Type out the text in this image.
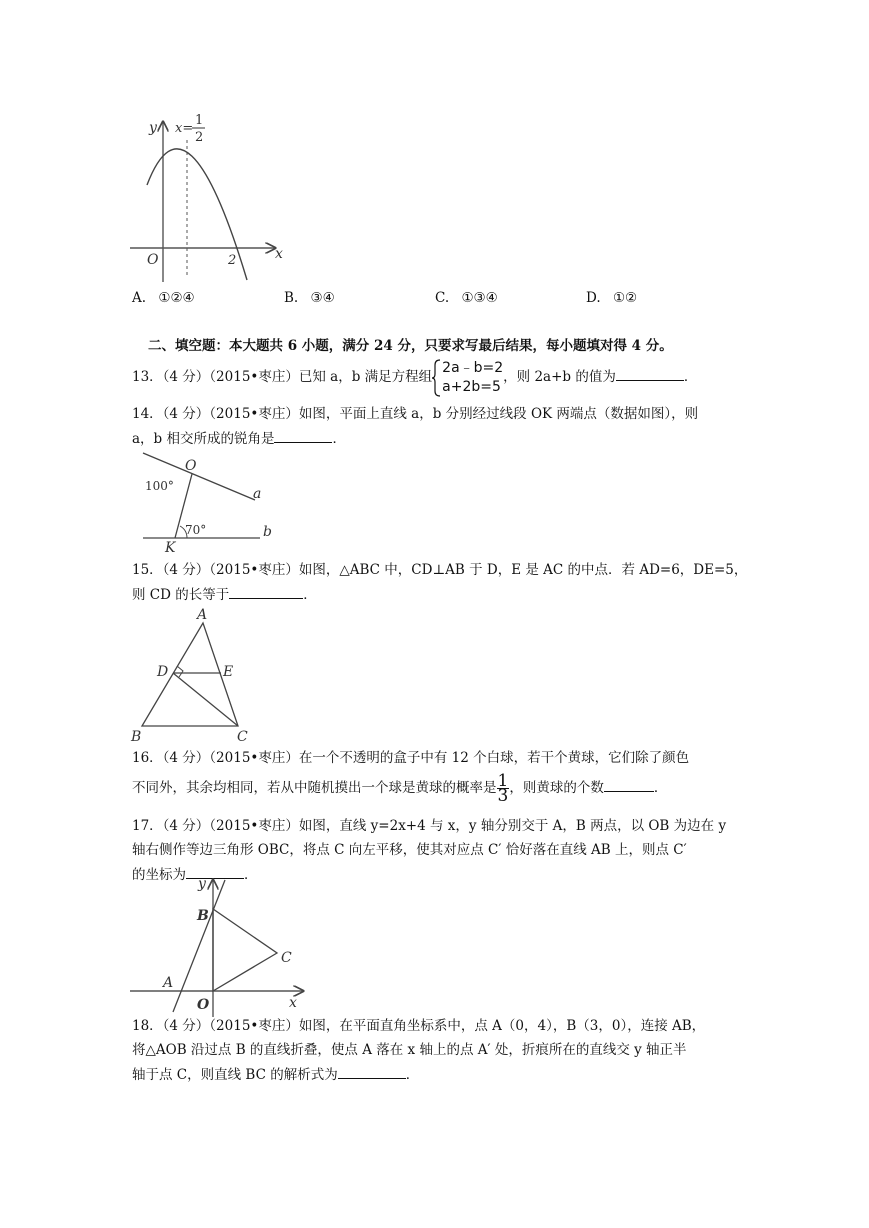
y
x
O	2
x=
1
2
A. ①②④	B. ③④	C. ①③④	D. ①②
二、填空题：本大题共 6 小题，满分 24 分，只要求写最后结果，每小题填对得 4 分。
13．（4 分）（2015•枣庄）已知 a，b 满足方程组
2a﹣b=2
a+2b=5
，则 2a+b 的值为	．
14．（4 分）（2015•枣庄）如图，平面上直线 a，b 分别经过线段 OK 两端点（数据如图），则
a，b 相交所成的锐角是	．
O
K
a
b
100°
70°
15．（4 分）（2015•枣庄）如图，△ABC 中，CD⊥AB 于 D，E 是 AC 的中点．若 AD=6，DE=5，
则 CD 的长等于	．
A
B	C
D	E
16．（4 分）（2015•枣庄）在一个不透明的盒子中有 12 个白球，若干个黄球，它们除了颜色
不同外，其余均相同，若从中随机摸出一个球是黄球的概率是 $\frac{1}{3}$ ，则黄球的个数	．
17．（4 分）（2015•枣庄）如图，直线 y=2x+4 与 x，y 轴分别交于 A，B 两点，以 OB 为边在 y
轴右侧作等边三角形 OBC，将点 C 向左平移，使其对应点 C′ 恰好落在直线 AB 上，则点 C′
的坐标为	．
y
x
O
A
B
C
18．（4 分）（2015•枣庄）如图，在平面直角坐标系中，点 A（0，4），B（3，0），连接 AB，
将△AOB 沿过点 B 的直线折叠，使点 A 落在 x 轴上的点 A′ 处，折痕所在的直线交 y 轴正半
轴于点 C，则直线 BC 的解析式为	．
